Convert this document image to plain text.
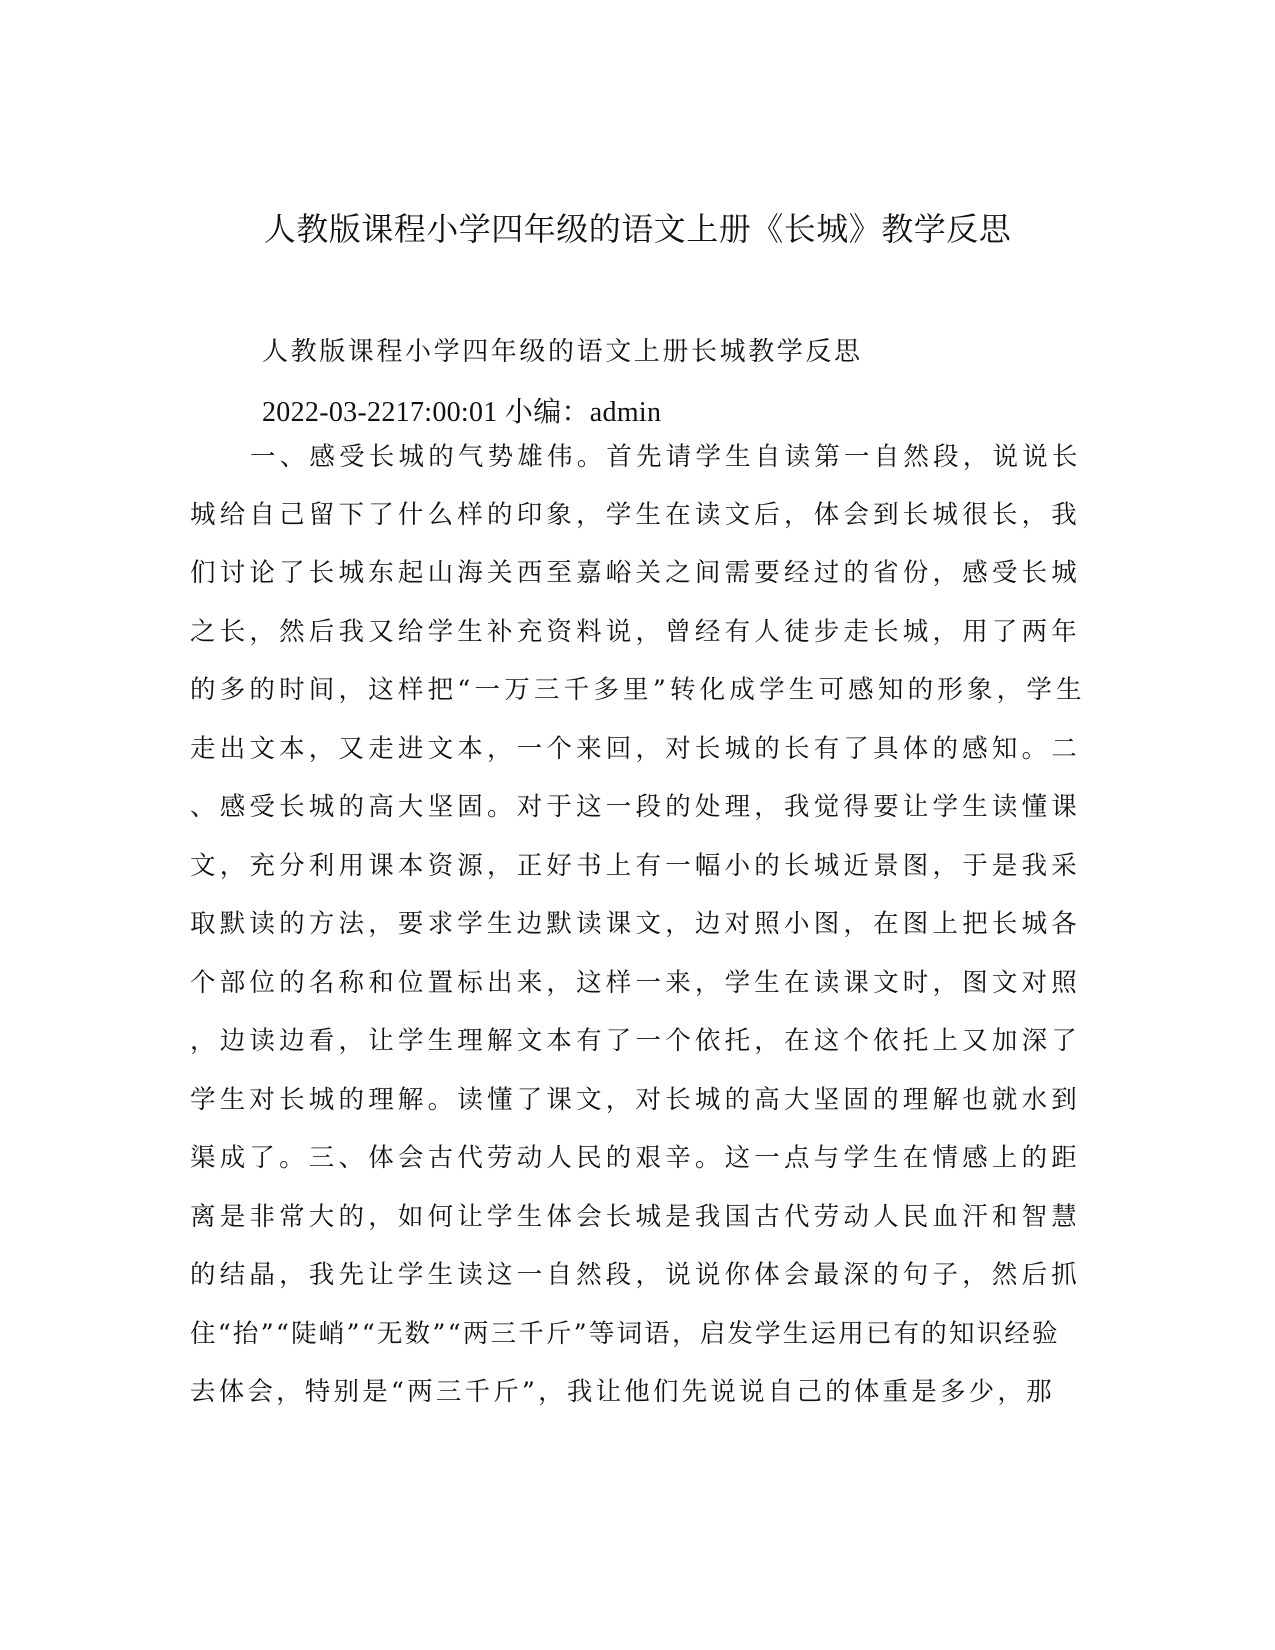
人教版课程小学四年级的语文上册《长城》教学反思

人教版课程小学四年级的语文上册长城教学反思

2022-03-2217:00:01 小编：admin

一、感受长城的气势雄伟。首先请学生自读第一自然段，说说长
城给自己留下了什么样的印象，学生在读文后，体会到长城很长，我
们讨论了长城东起山海关西至嘉峪关之间需要经过的省份，感受长城
之长，然后我又给学生补充资料说，曾经有人徒步走长城，用了两年
的多的时间，这样把“一万三千多里”转化成学生可感知的形象，学生
走出文本，又走进文本，一个来回，对长城的长有了具体的感知。二
、感受长城的高大坚固。对于这一段的处理，我觉得要让学生读懂课
文，充分利用课本资源，正好书上有一幅小的长城近景图，于是我采
取默读的方法，要求学生边默读课文，边对照小图，在图上把长城各
个部位的名称和位置标出来，这样一来，学生在读课文时，图文对照
，边读边看，让学生理解文本有了一个依托，在这个依托上又加深了
学生对长城的理解。读懂了课文，对长城的高大坚固的理解也就水到
渠成了。三、体会古代劳动人民的艰辛。这一点与学生在情感上的距
离是非常大的，如何让学生体会长城是我国古代劳动人民血汗和智慧
的结晶，我先让学生读这一自然段，说说你体会最深的句子，然后抓
住“抬”“陡峭”“无数”“两三千斤”等词语，启发学生运用已有的知识经验
去体会，特别是“两三千斤”，我让他们先说说自己的体重是多少，那
